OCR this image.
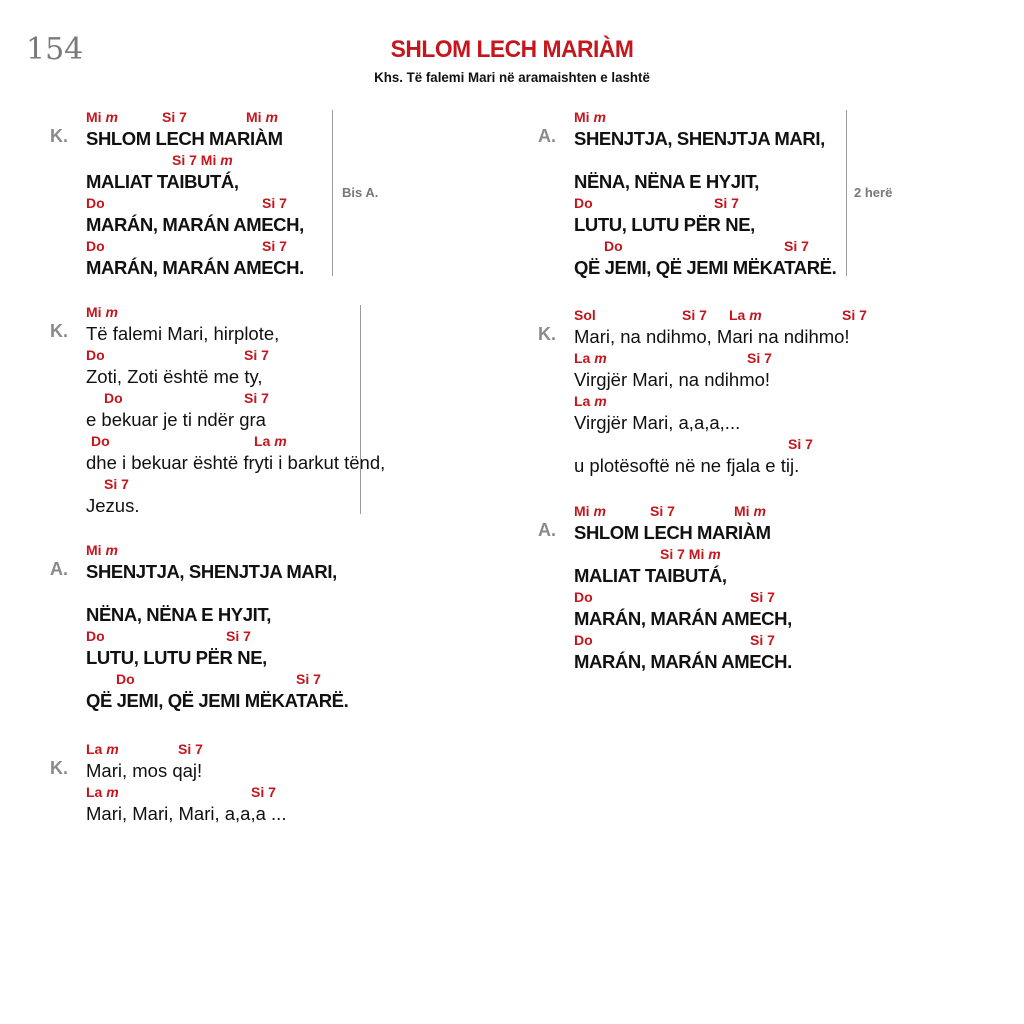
154	SHLOM LECH MARIÀM
Khs. Të falemi Mari në aramaishten e lashtë
K.
Mi m	Si 7	Mi m
SHLOM LECH MARIÀM
Si 7 Mi m
MALIAT TAIBUTÁ,
Do	Si 7
MARÁN, MARÁN AMECH,
Do	Si 7
MARÁN, MARÁN AMECH.
Bis A.
K.
Mi m
Të falemi Mari, hirplote,
Do	Si 7
Zoti, Zoti është me ty,
Do	Si 7
e bekuar je ti ndër gra
Do	La m
dhe i bekuar është fryti i barkut tënd,
Si 7
Jezus.
A.
Mi m
SHENJTJA, SHENJTJA MARI,
NËNA, NËNA E HYJIT,
Do	Si 7
LUTU, LUTU PËR NE,
Do	Si 7
QË JEMI, QË JEMI MËKATARË.
K.
La m	Si 7
Mari, mos qaj!
La m	Si 7
Mari, Mari, Mari, a,a,a ...
A.
Mi m
SHENJTJA, SHENJTJA MARI,
NËNA, NËNA E HYJIT,
Do	Si 7
LUTU, LUTU PËR NE,
Do	Si 7
QË JEMI, QË JEMI MËKATARË.
2 herë
K.
Sol	Si 7 La m	Si 7
Mari, na ndihmo, Mari na ndihmo!
La m	Si 7
Virgjër Mari, na ndihmo!
La m
Virgjër Mari, a,a,a,...
Si 7
u plotësoftë në ne fjala e tij.
A.
Mi m	Si 7	Mi m
SHLOM LECH MARIÀM
Si 7 Mi m
MALIAT TAIBUTÁ,
Do	Si 7
MARÁN, MARÁN AMECH,
Do	Si 7
MARÁN, MARÁN AMECH.
